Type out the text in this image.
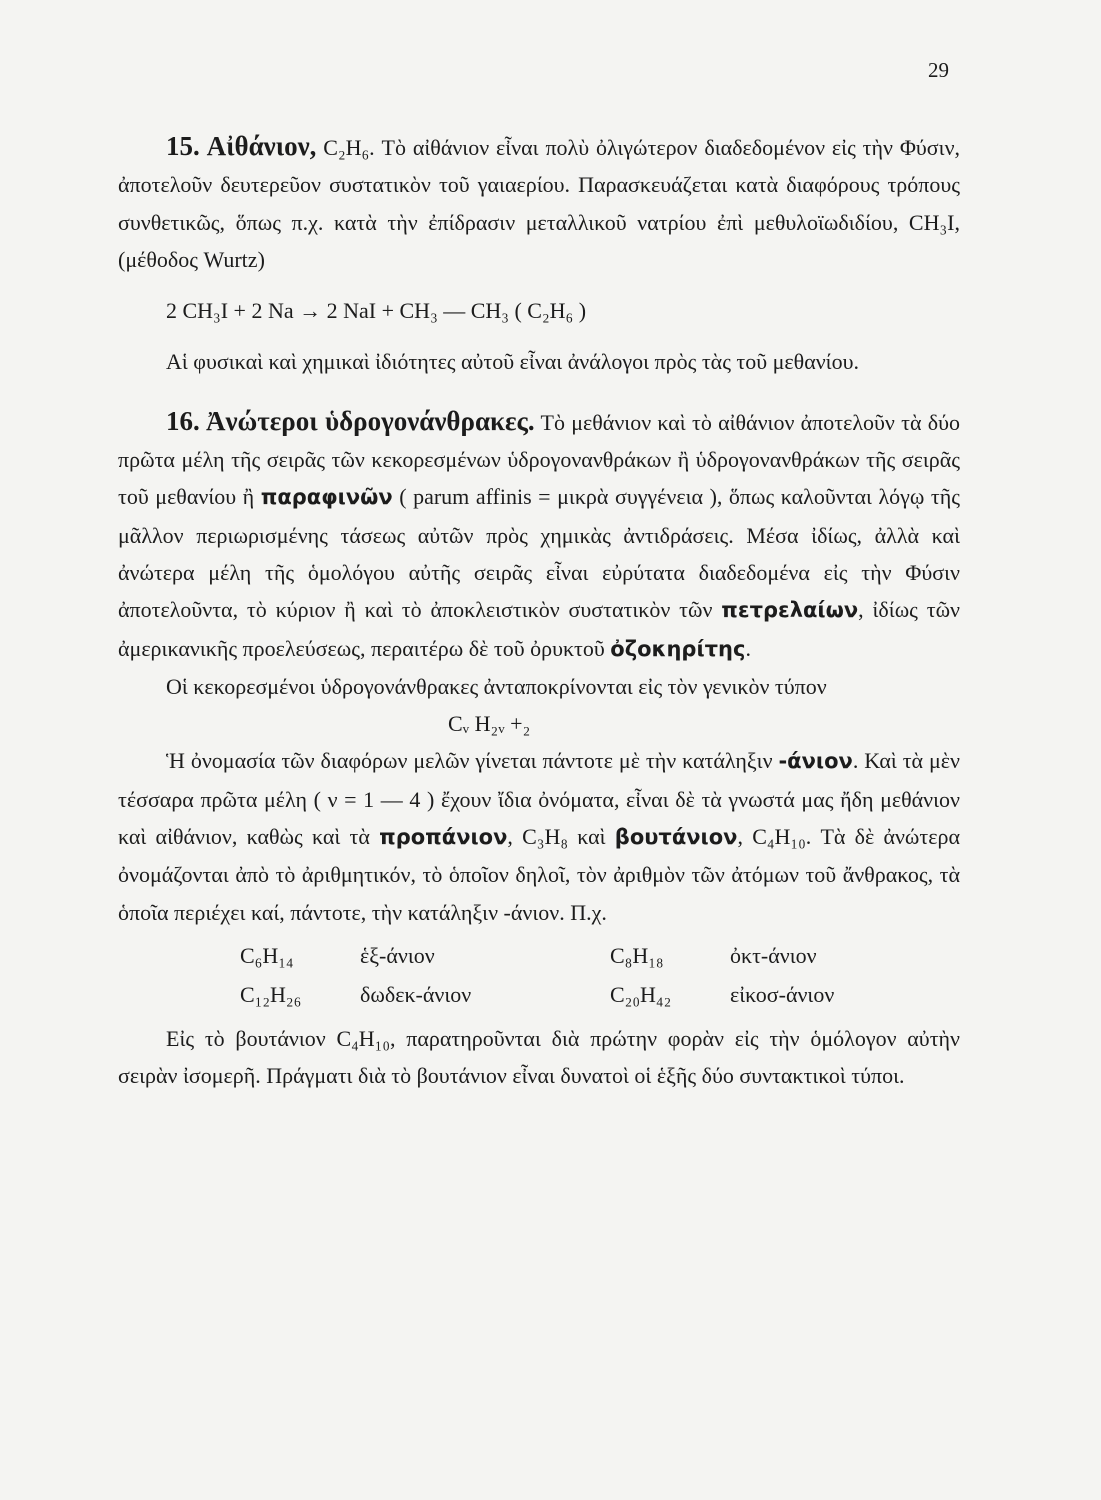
29

15. Αἰθάνιον, C₂H₆. Τὸ αἰθάνιον εἶναι πολὺ ὀλιγώτερον διαδεδομένον εἰς τὴν Φύσιν, ἀποτελοῦν δευτερεῦον συστατικὸν τοῦ γαιαερίου. Παρασκευάζεται κατὰ διαφόρους τρόπους συνθετικῶς, ὅπως π.χ. κατὰ τὴν ἐπίδρασιν μεταλλικοῦ νατρίου ἐπὶ μεθυλοϊωδιδίου, CH₃I, (μέθοδος Wurtz)

2 CH₃I + 2 Na → 2 NaI + CH₃ — CH₃ ( C₂H₆ )

Αἱ φυσικαὶ καὶ χημικαὶ ἰδιότητες αὐτοῦ εἶναι ἀνάλογοι πρὸς τὰς τοῦ μεθανίου.

16. Ἀνώτεροι ὑδρογονάνθρακες. Τὸ μεθάνιον καὶ τὸ αἰθάνιον ἀποτελοῦν τὰ δύο πρῶτα μέλη τῆς σειρᾶς τῶν κεκορεσμένων ὑδρογονανθράκων ἢ ὑδρογονανθράκων τῆς σειρᾶς τοῦ μεθανίου ἢ παραφινῶν ( parum affinis = μικρὰ συγγένεια ), ὅπως καλοῦνται λόγῳ τῆς μᾶλλον περιωρισμένης τάσεως αὐτῶν πρὸς χημικὰς ἀντιδράσεις. Μέσα ἰδίως, ἀλλὰ καὶ ἀνώτερα μέλη τῆς ὁμολόγου αὐτῆς σειρᾶς εἶναι εὐρύτατα διαδεδομένα εἰς τὴν Φύσιν ἀποτελοῦντα, τὸ κύριον ἢ καὶ τὸ ἀποκλειστικὸν συστατικὸν τῶν πετρελαίων, ἰδίως τῶν ἀμερικανικῆς προελεύσεως, περαιτέρω δὲ τοῦ ὀρυκτοῦ ὀζοκηρίτης.

Οἱ κεκορεσμένοι ὑδρογονάνθρακες ἀνταποκρίνονται εἰς τὸν γενικὸν τύπον

Cᵥ H₂ᵥ +₂

Ἡ ὀνομασία τῶν διαφόρων μελῶν γίνεται πάντοτε μὲ τὴν κατάληξιν -άνιον. Καὶ τὰ μὲν τέσσαρα πρῶτα μέλη ( ν = 1 — 4 ) ἔχουν ἴδια ὀνόματα, εἶναι δὲ τὰ γνωστά μας ἤδη μεθάνιον καὶ αἰθάνιον, καθὼς καὶ τὰ προπάνιον, C₃H₈ καὶ βουτάνιον, C₄H₁₀. Τὰ δὲ ἀνώτερα ὀνομάζονται ἀπὸ τὸ ἀριθμητικόν, τὸ ὁποῖον δηλοῖ, τὸν ἀριθμὸν τῶν ἀτόμων τοῦ ἄνθρακος, τὰ ὁποῖα περιέχει καί, πάντοτε, τὴν κατάληξιν -άνιον. Π.χ.

C₆H₁₄	ἑξ-άνιον	C₈H₁₈	ὀκτ-άνιον
C₁₂H₂₆	δωδεκ-άνιον	C₂₀H₄₂	εἰκοσ-άνιον

Εἰς τὸ βουτάνιον C₄H₁₀, παρατηροῦνται διὰ πρώτην φορὰν εἰς τὴν ὁμόλογον αὐτὴν σειρὰν ἰσομερῆ. Πράγματι διὰ τὸ βουτάνιον εἶναι δυνατοὶ οἱ ἑξῆς δύο συντακτικοὶ τύποι.
